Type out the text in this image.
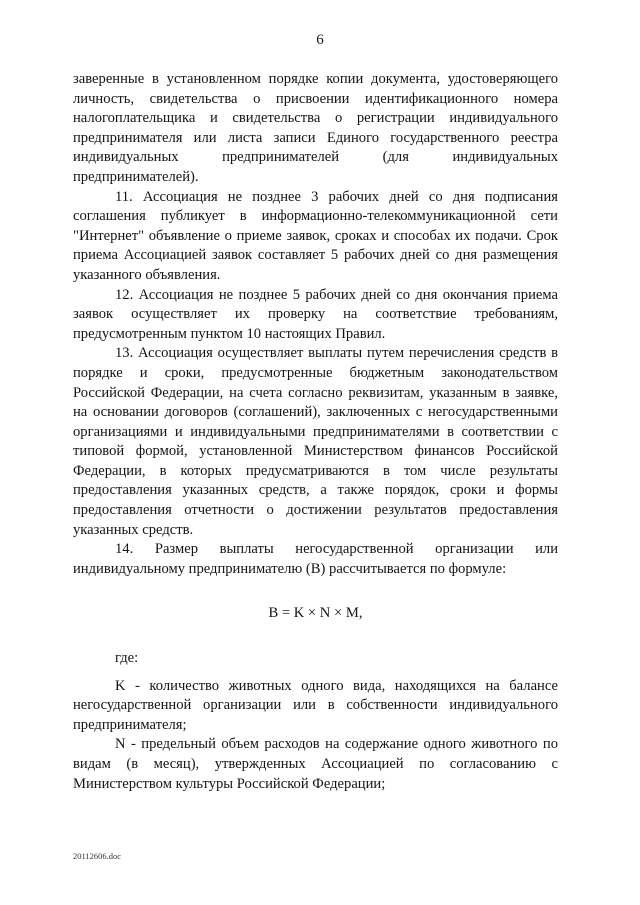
6

заверенные в установленном порядке копии документа, удостоверяющего личность, свидетельства о присвоении идентификационного номера налогоплательщика и свидетельства о регистрации индивидуального предпринимателя или листа записи Единого государственного реестра индивидуальных предпринимателей (для индивидуальных предпринимателей).

11. Ассоциация не позднее 3 рабочих дней со дня подписания соглашения публикует в информационно-телекоммуникационной сети "Интернет" объявление о приеме заявок, сроках и способах их подачи. Срок приема Ассоциацией заявок составляет 5 рабочих дней со дня размещения указанного объявления.

12. Ассоциация не позднее 5 рабочих дней со дня окончания приема заявок осуществляет их проверку на соответствие требованиям, предусмотренным пунктом 10 настоящих Правил.

13. Ассоциация осуществляет выплаты путем перечисления средств в порядке и сроки, предусмотренные бюджетным законодательством Российской Федерации, на счета согласно реквизитам, указанным в заявке, на основании договоров (соглашений), заключенных с негосударственными организациями и индивидуальными предпринимателями в соответствии с типовой формой, установленной Министерством финансов Российской Федерации, в которых предусматриваются в том числе результаты предоставления указанных средств, а также порядок, сроки и формы предоставления отчетности о достижении результатов предоставления указанных средств.

14. Размер выплаты негосударственной организации или индивидуальному предпринимателю (B) рассчитывается по формуле:

B = K × N × M,

где:

K - количество животных одного вида, находящихся на балансе негосударственной организации или в собственности индивидуального предпринимателя;

N - предельный объем расходов на содержание одного животного по видам (в месяц), утвержденных Ассоциацией по согласованию с Министерством культуры Российской Федерации;

20112606.doc
